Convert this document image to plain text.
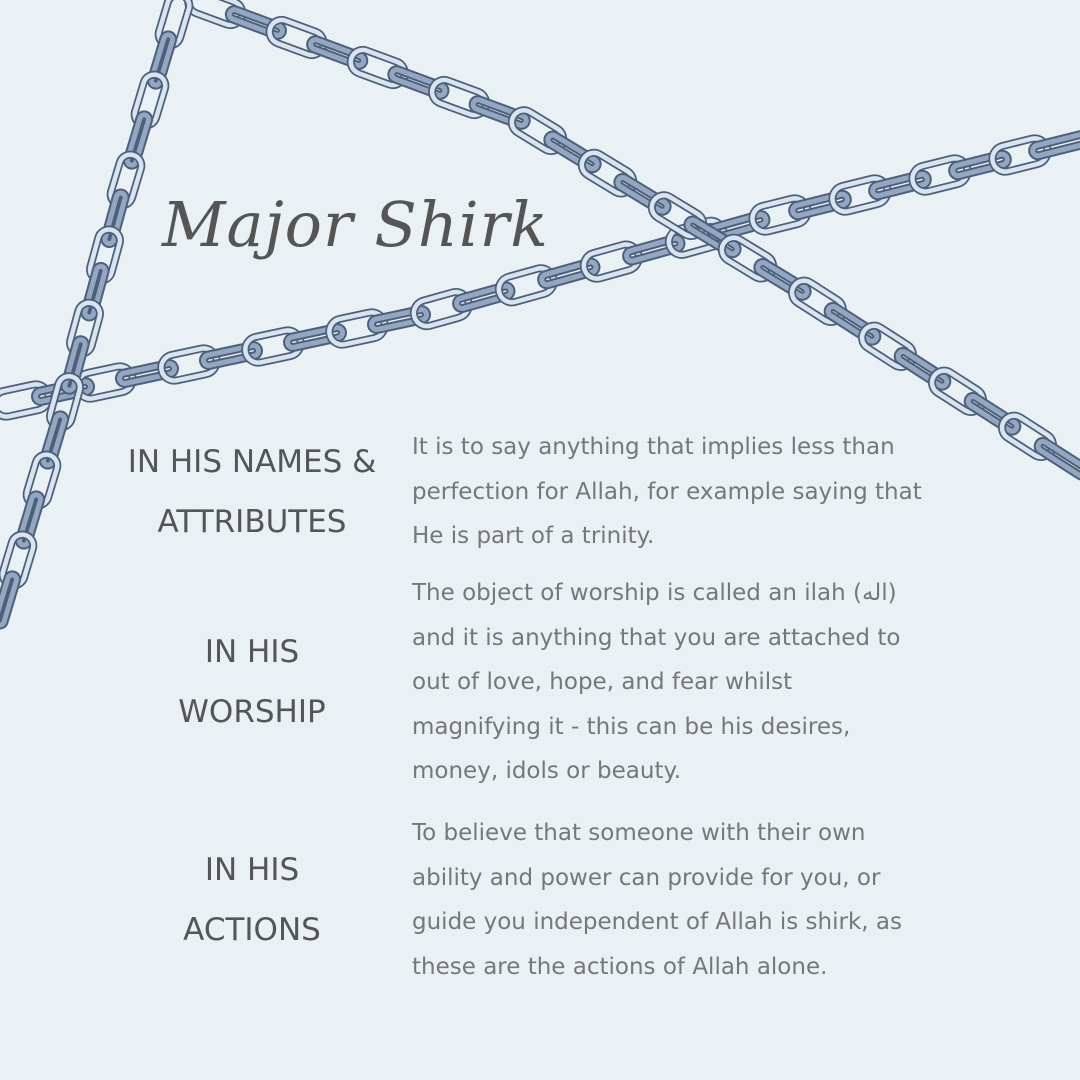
Major Shirk
IN HIS NAMES &
ATTRIBUTES
It is to say anything that implies less than
perfection for Allah, for example saying that
He is part of a trinity.
IN HIS
WORSHIP
The object of worship is called an ilah (اله)
and it is anything that you are attached to
out of love, hope, and fear whilst
magnifying it - this can be his desires,
money, idols or beauty.
IN HIS
ACTIONS
To believe that someone with their own
ability and power can provide for you, or
guide you independent of Allah is shirk, as
these are the actions of Allah alone.
